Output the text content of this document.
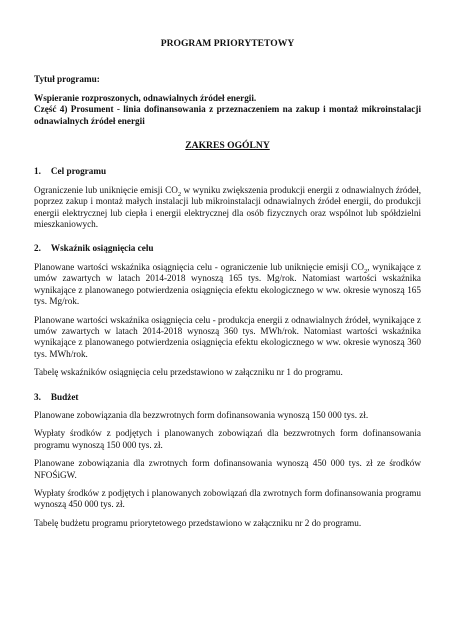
PROGRAM PRIORYTETOWY
Tytuł programu:

Wspieranie rozproszonych, odnawialnych źródeł energii.

Część 4) Prosument - linia dofinansowania z przeznaczeniem na zakup i montaż mikroinstalacji odnawialnych źródeł energii

ZAKRES OGÓLNY
1. Cel programu

Ograniczenie lub uniknięcie emisji $CO_2$ w wyniku zwiększenia produkcji energii z odnawialnych źródeł, poprzez zakup i montaż małych instalacji lub mikroinstalacji odnawialnych źródeł energii, do produkcji energii elektrycznej lub ciepła i energii elektrycznej dla osób fizycznych oraz wspólnot lub spółdzielni mieszkaniowych.

2. Wskaźnik osiągnięcia celu

Planowane wartości wskaźnika osiągnięcia celu - ograniczenie lub uniknięcie emisji $CO_2$, wynikające z umów zawartych w latach 2014-2018 wynoszą 165 tys. Mg/rok. Natomiast wartości wskaźnika wynikające z planowanego potwierdzenia osiągnięcia efektu ekologicznego w ww. okresie wynoszą 165 tys. Mg/rok.

Planowane wartości wskaźnika osiągnięcia celu - produkcja energii z odnawialnych źródeł, wynikające z umów zawartych w latach 2014-2018 wynoszą 360 tys. MWh/rok. Natomiast wartości wskaźnika wynikające z planowanego potwierdzenia osiągnięcia efektu ekologicznego w ww. okresie wynoszą 360 tys. MWh/rok.

Tabelę wskaźników osiągnięcia celu przedstawiono w załączniku nr 1 do programu.

3. Budżet

Planowane zobowiązania dla bezzwrotnych form dofinansowania wynoszą 150 000 tys. zł.

Wypłaty środków z podjętych i planowanych zobowiązań dla bezzwrotnych form dofinansowania programu wynoszą 150 000 tys. zł.

Planowane zobowiązania dla zwrotnych form dofinansowania wynoszą 450 000 tys. zł ze środków NFOŚiGW.

Wypłaty środków z podjętych i planowanych zobowiązań dla zwrotnych form dofinansowania programu wynoszą 450 000 tys. zł.

Tabelę budżetu programu priorytetowego przedstawiono w załączniku nr 2 do programu.
